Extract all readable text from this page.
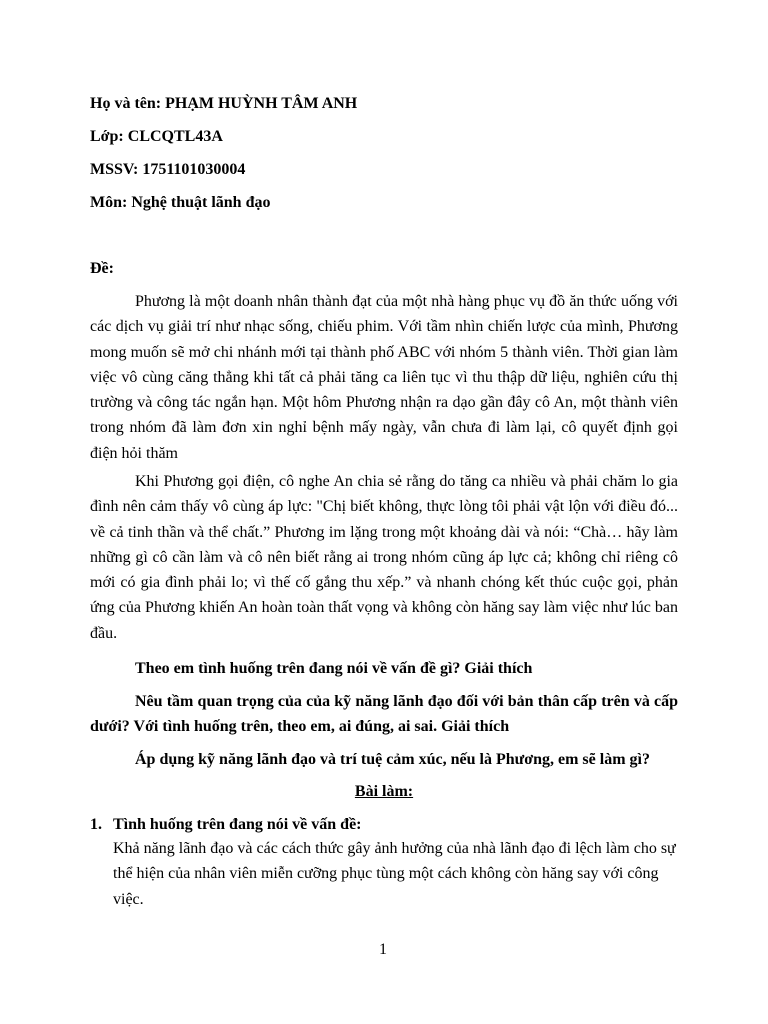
Họ và tên: PHẠM HUỲNH TÂM ANH
Lớp: CLCQTL43A
MSSV: 1751101030004
Môn: Nghệ thuật lãnh đạo
Đề:

Phương là một doanh nhân thành đạt của một nhà hàng phục vụ đồ ăn thức uống với các dịch vụ giải trí như nhạc sống, chiếu phim. Với tầm nhìn chiến lược của mình, Phương mong muốn sẽ mở chi nhánh mới tại thành phố ABC với nhóm 5 thành viên. Thời gian làm việc vô cùng căng thẳng khi tất cả phải tăng ca liên tục vì thu thập dữ liệu, nghiên cứu thị trường và công tác ngắn hạn. Một hôm Phương nhận ra dạo gần đây cô An, một thành viên trong nhóm đã làm đơn xin nghỉ bệnh mấy ngày, vẫn chưa đi làm lại, cô quyết định gọi điện hỏi thăm

Khi Phương gọi điện, cô nghe An chia sẻ rằng do tăng ca nhiều và phải chăm lo gia đình nên cảm thấy vô cùng áp lực: "Chị biết không, thực lòng tôi phải vật lộn với điều đó... về cả tinh thần và thể chất.” Phương im lặng trong một khoảng dài và nói: “Chà… hãy làm những gì cô cần làm và cô nên biết rằng ai trong nhóm cũng áp lực cả; không chỉ riêng cô mới có gia đình phải lo; vì thế cố gắng thu xếp.” và nhanh chóng kết thúc cuộc gọi, phản ứng của Phương khiến An hoàn toàn thất vọng và không còn hăng say làm việc như lúc ban đầu.

Theo em tình huống trên đang nói về vấn đề gì? Giải thích

Nêu tầm quan trọng của của kỹ năng lãnh đạo đối với bản thân cấp trên và cấp dưới? Với tình huống trên, theo em, ai đúng, ai sai. Giải thích

Áp dụng kỹ năng lãnh đạo và trí tuệ cảm xúc, nếu là Phương, em sẽ làm gì?

Bài làm:
1. Tình huống trên đang nói về vấn đề:

Khả năng lãnh đạo và các cách thức gây ảnh hưởng của nhà lãnh đạo đi lệch làm cho sự thể hiện của nhân viên miễn cưỡng phục tùng một cách không còn hăng say với công việc.

1
